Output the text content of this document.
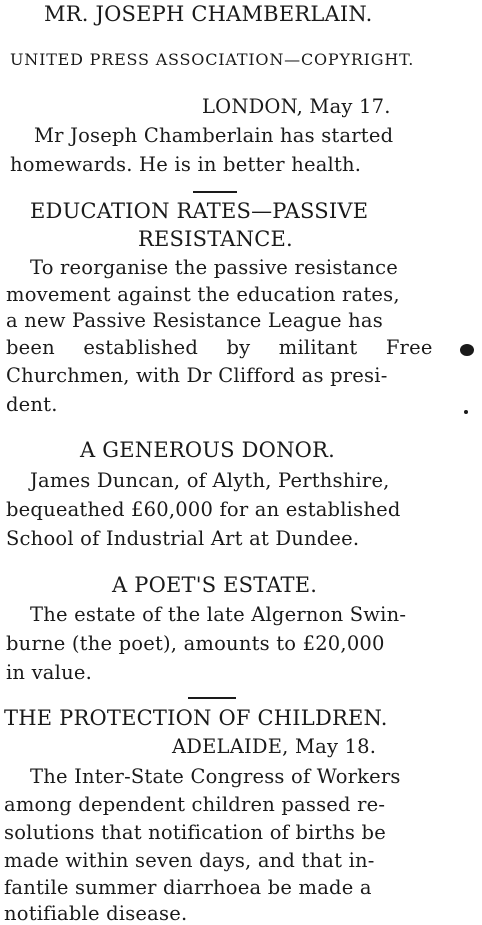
MR. JOSEPH CHAMBERLAIN.
UNITED PRESS ASSOCIATION—COPYRIGHT.
LONDON, May 17.
Mr Joseph Chamberlain has started
homewards. He is in better health.
EDUCATION RATES—PASSIVE
RESISTANCE.
To reorganise the passive resistance
movement against the education rates,
a new Passive Resistance League has
been established by militant Free
Churchmen, with Dr Clifford as presi-
dent.
A GENEROUS DONOR.
James Duncan, of Alyth, Perthshire,
bequeathed £60,000 for an established
School of Industrial Art at Dundee.
A POET'S ESTATE.
The estate of the late Algernon Swin-
burne (the poet), amounts to £20,000
in value.
THE PROTECTION OF CHILDREN.
ADELAIDE, May 18.
The Inter-State Congress of Workers
among dependent children passed re-
solutions that notification of births be
made within seven days, and that in-
fantile summer diarrhoea be made a
notifiable disease.
